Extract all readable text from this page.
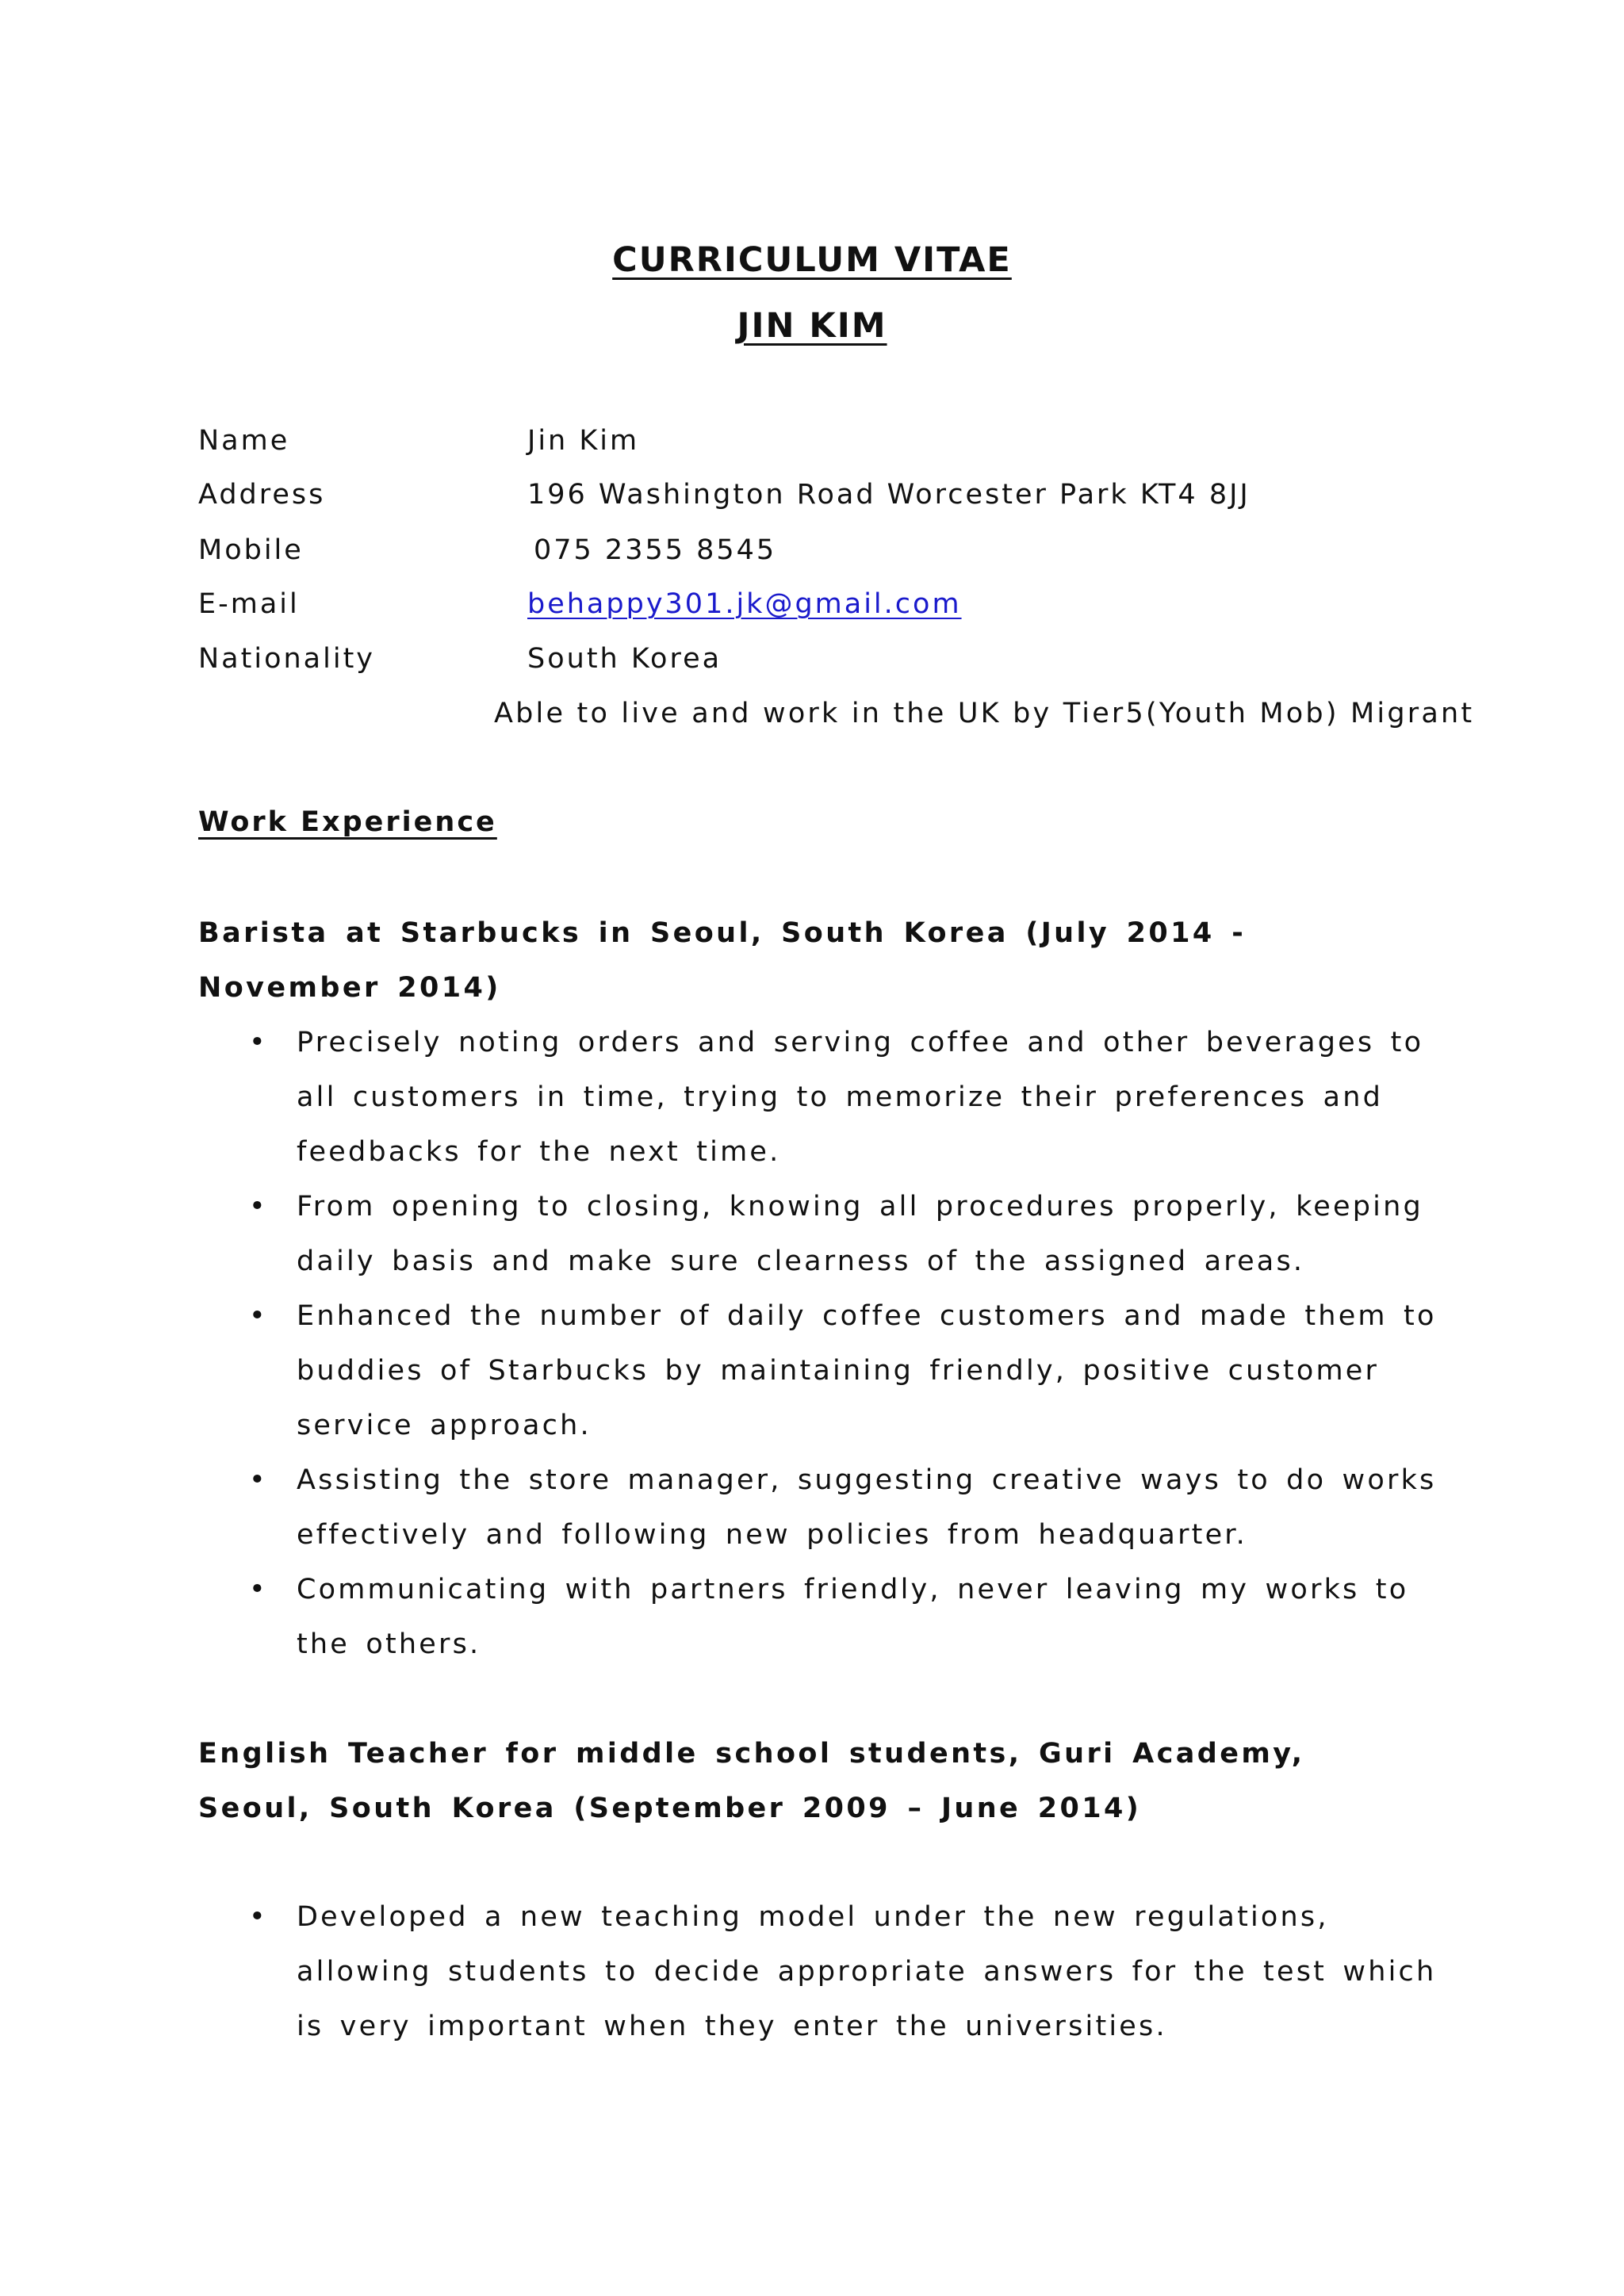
CURRICULUM VITAE
JIN KIM
Name	Jin Kim
Address	196 Washington Road Worcester Park KT4 8JJ
Mobile	075 2355 8545
E-mail	behappy301.jk@gmail.com
Nationality	South Korea
Able to live and work in the UK by Tier5(Youth Mob) Migrant
Work Experience
Barista at Starbucks in Seoul, South Korea (July 2014 - November 2014)
• Precisely noting orders and serving coffee and other beverages to all customers in time, trying to memorize their preferences and feedbacks for the next time.
• From opening to closing, knowing all procedures properly, keeping daily basis and make sure clearness of the assigned areas.
• Enhanced the number of daily coffee customers and made them to buddies of Starbucks by maintaining friendly, positive customer service approach.
• Assisting the store manager, suggesting creative ways to do works effectively and following new policies from headquarter.
• Communicating with partners friendly, never leaving my works to the others.
English Teacher for middle school students, Guri Academy, Seoul, South Korea (September 2009 – June 2014)
• Developed a new teaching model under the new regulations, allowing students to decide appropriate answers for the test which is very important when they enter the universities.
